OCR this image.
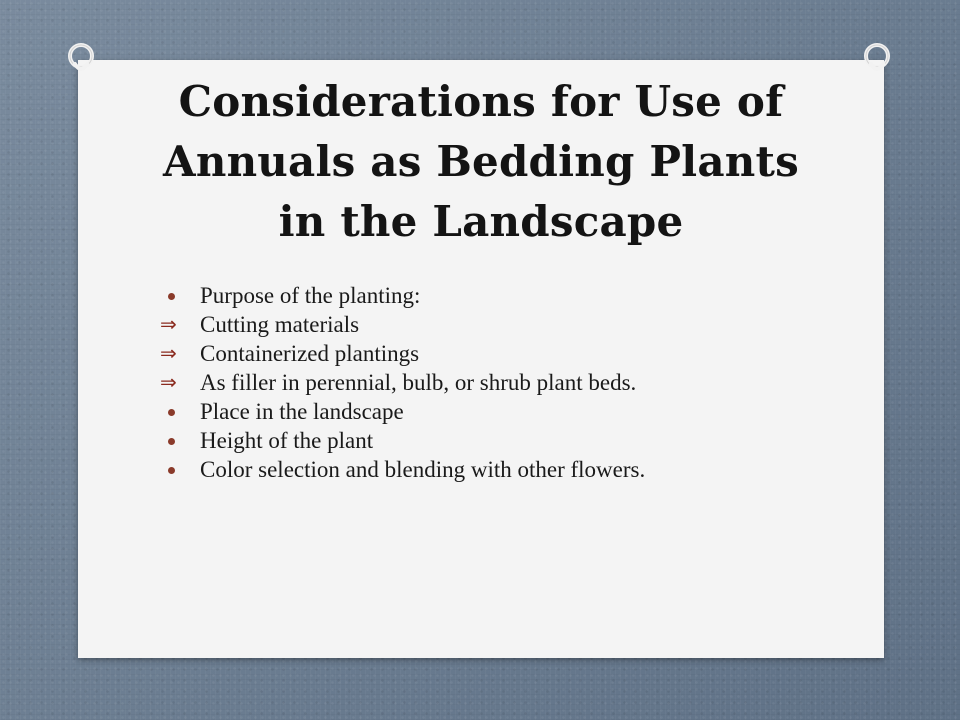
Considerations for Use of
Annuals as Bedding Plants
in the Landscape
Purpose of the planting:
⇒	Cutting materials
⇒	Containerized plantings
⇒	As filler in perennial, bulb, or shrub plant beds.
Place in the landscape
Height of the plant
Color selection and blending with other flowers.
